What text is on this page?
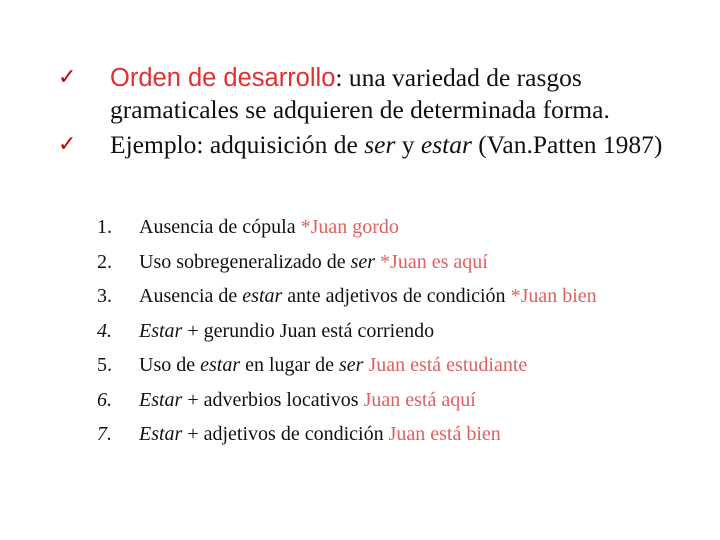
✓ Orden de desarrollo: una variedad de rasgos gramaticales se adquieren de determinada forma.
✓ Ejemplo: adquisición de ser y estar (Van.Patten 1987)
1. Ausencia de cópula *Juan gordo
2. Uso sobregeneralizado de ser *Juan es aquí
3. Ausencia de estar ante adjetivos de condición *Juan bien
4. Estar + gerundio Juan está corriendo
5. Uso de estar en lugar de ser Juan está estudiante
6. Estar + adverbios locativos Juan está aquí
7. Estar + adjetivos de condición Juan está bien
